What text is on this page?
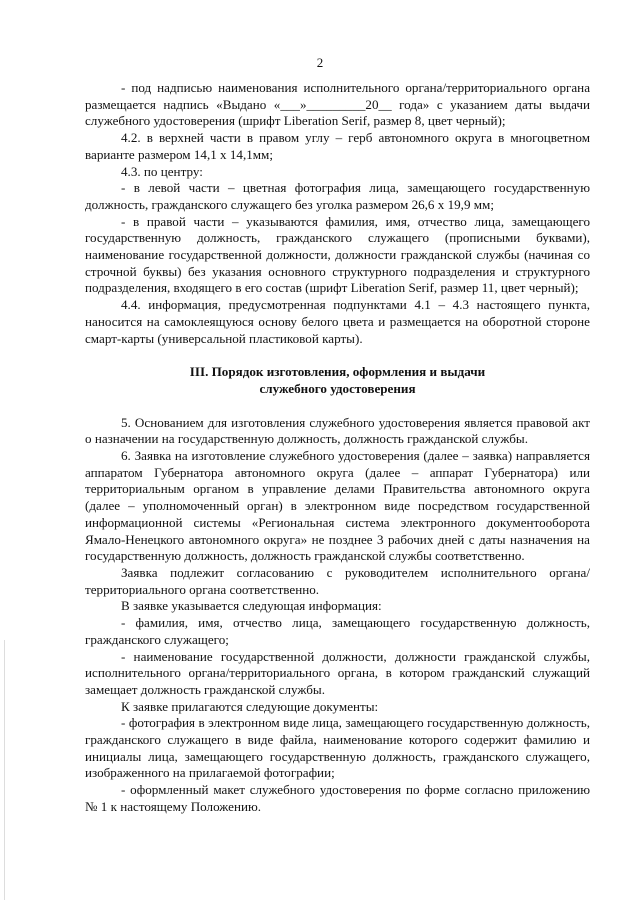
2

- под надписью наименования исполнительного органа/территориального органа размещается надпись «Выдано «___»_________20__ года» с указанием даты выдачи служебного удостоверения (шрифт Liberation Serif, размер 8, цвет черный);

4.2. в верхней части в правом углу – герб автономного округа в многоцветном варианте размером 14,1 х 14,1мм;

4.3. по центру:

- в левой части – цветная фотография лица, замещающего государственную должность, гражданского служащего без уголка размером 26,6 х 19,9 мм;

- в правой части – указываются фамилия, имя, отчество лица, замещающего государственную должность, гражданского служащего (прописными буквами), наименование государственной должности, должности гражданской службы (начиная со строчной буквы) без указания основного структурного подразделения и структурного подразделения, входящего в его состав (шрифт Liberation Serif, размер 11, цвет черный);

4.4. информация, предусмотренная подпунктами 4.1 – 4.3 настоящего пункта, наносится на самоклеящуюся основу белого цвета и размещается на оборотной стороне смарт-карты (универсальной пластиковой карты).

III. Порядок изготовления, оформления и выдачи
служебного удостоверения

5. Основанием для изготовления служебного удостоверения является правовой акт о назначении на государственную должность, должность гражданской службы.

6. Заявка на изготовление служебного удостоверения (далее – заявка) направляется аппаратом Губернатора автономного округа (далее – аппарат Губернатора) или территориальным органом в управление делами Правительства автономного округа (далее – уполномоченный орган) в электронном виде посредством государственной информационной системы «Региональная система электронного документооборота Ямало-Ненецкого автономного округа» не позднее 3 рабочих дней с даты назначения на государственную должность, должность гражданской службы соответственно.

Заявка подлежит согласованию с руководителем исполнительного органа/территориального органа соответственно.

В заявке указывается следующая информация:

- фамилия, имя, отчество лица, замещающего государственную должность, гражданского служащего;

- наименование государственной должности, должности гражданской службы, исполнительного органа/территориального органа, в котором гражданский служащий замещает должность гражданской службы.

К заявке прилагаются следующие документы:

- фотография в электронном виде лица, замещающего государственную должность, гражданского служащего в виде файла, наименование которого содержит фамилию и инициалы лица, замещающего государственную должность, гражданского служащего, изображенного на прилагаемой фотографии;

- оформленный макет служебного удостоверения по форме согласно приложению № 1 к настоящему Положению.
